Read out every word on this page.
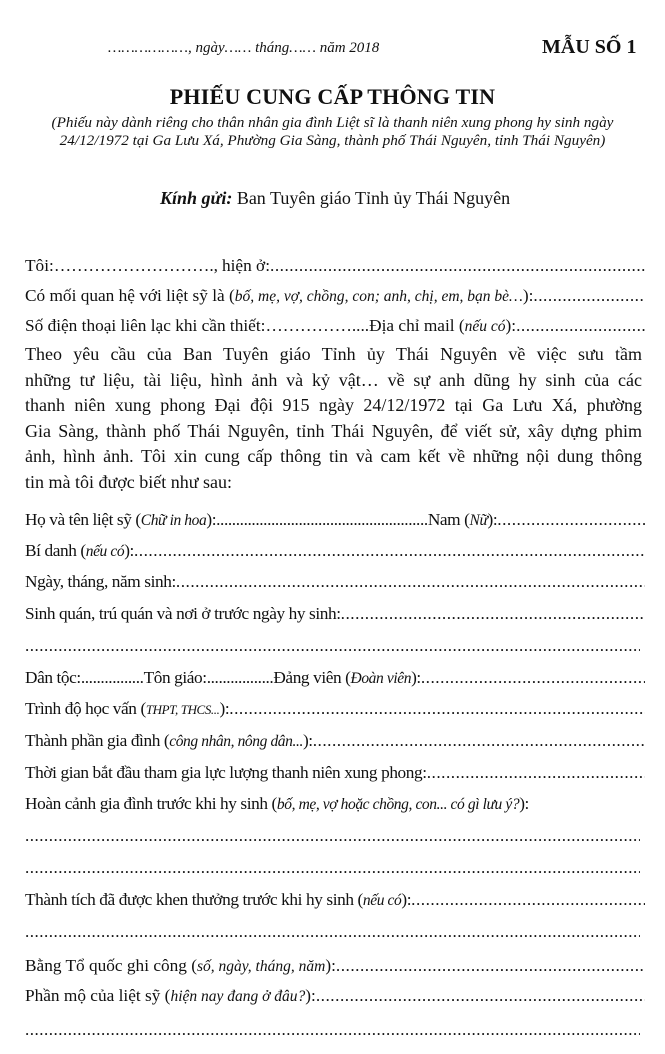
………………, ngày…… tháng…… năm 2018	MẪU SỐ 1
PHIẾU CUNG CẤP THÔNG TIN
(Phiếu này dành riêng cho thân nhân gia đình Liệt sĩ là thanh niên xung phong hy sinh ngày
24/12/1972 tại Ga Lưu Xá, Phường Gia Sàng, thành phố Thái Nguyên, tỉnh Thái Nguyên)
Kính gửi: Ban Tuyên giáo Tỉnh ủy Thái Nguyên
Tôi: ………………………., hiện ở:
.....
Có mối quan hệ với liệt sỹ là ( bố, mẹ, vợ, chồng, con; anh, chị, em, bạn bè… ):
.....
Số điện thoại liên lạc khi cần thiết: …………….... Địa chỉ mail ( nếu có ):
.....
Theo yêu cầu của Ban Tuyên giáo Tỉnh ủy Thái Nguyên về việc sưu tầm
những tư liệu, tài liệu, hình ảnh và kỷ vật… về sự anh dũng hy sinh của các
thanh niên xung phong Đại đội 915 ngày 24/12/1972 tại Ga Lưu Xá, phường
Gia Sàng, thành phố Thái Nguyên, tỉnh Thái Nguyên, để viết sử, xây dựng phim
ảnh, hình ảnh. Tôi xin cung cấp thông tin và cam kết về những nội dung thông
tin mà tôi được biết như sau:
Họ và tên liệt sỹ ( Chữ in hoa ): ...................................................... Nam ( Nữ ):
.....
Bí danh ( nếu có ):
.....
Ngày, tháng, năm sinh:
.....
Sinh quán, trú quán và nơi ở trước ngày hy sinh:
.....
.....
Dân tộc: ................ Tôn giáo: ................. Đảng viên ( Đoàn viên ):
.....
Trình độ học vấn ( THPT, THCS... ):
.....
Thành phần gia đình ( công nhân, nông dân... ):
.....
Thời gian bắt đầu tham gia lực lượng thanh niên xung phong:
.....
Hoàn cảnh gia đình trước khi hy sinh ( bố, mẹ, vợ hoặc chồng, con... có gì lưu ý? ):
.....
.....
Thành tích đã được khen thưởng trước khi hy sinh ( nếu có ):
.....
.....
Bằng Tổ quốc ghi công ( số, ngày, tháng, năm ):
.....
Phần mộ của liệt sỹ ( hiện nay đang ở đâu? ):
.....
.....
